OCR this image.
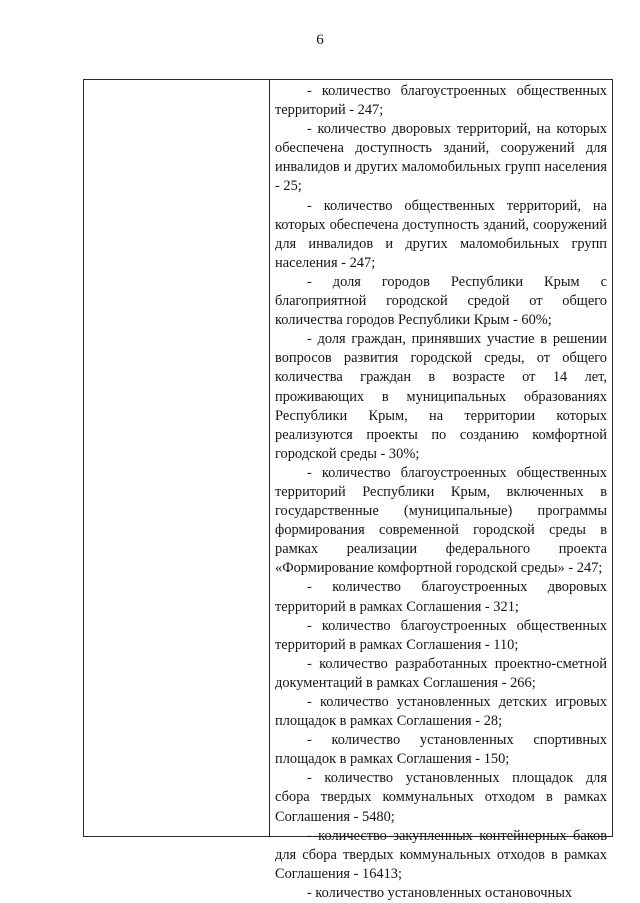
6

- количество благоустроенных общественных территорий - 247;

- количество дворовых территорий, на которых обеспечена доступность зданий, сооружений для инвалидов и других маломобильных групп населения - 25;

- количество общественных территорий, на которых обеспечена доступность зданий, сооружений для инвалидов и других маломобильных групп населения - 247;

- доля городов Республики Крым с благоприятной городской средой от общего количества городов Республики Крым - 60%;

- доля граждан, принявших участие в решении вопросов развития городской среды, от общего количества граждан в возрасте от 14 лет, проживающих в муниципальных образованиях Республики Крым, на территории которых реализуются проекты по созданию комфортной городской среды - 30%;

- количество благоустроенных общественных территорий Республики Крым, включенных в государственные (муниципальные) программы формирования современной городской среды в рамках реализации федерального проекта «Формирование комфортной городской среды» - 247;

- количество благоустроенных дворовых территорий в рамках Соглашения - 321;

- количество благоустроенных общественных территорий в рамках Соглашения - 110;

- количество разработанных проектно-сметной документаций в рамках Соглашения - 266;

- количество установленных детских игровых площадок в рамках Соглашения - 28;

- количество установленных спортивных площадок в рамках Соглашения - 150;

- количество установленных площадок для сбора твердых коммунальных отходом в рамках Соглашения - 5480;

- количество закупленных контейнерных баков для сбора твердых коммунальных отходов в рамках Соглашения - 16413;

- количество установленных остановочных
